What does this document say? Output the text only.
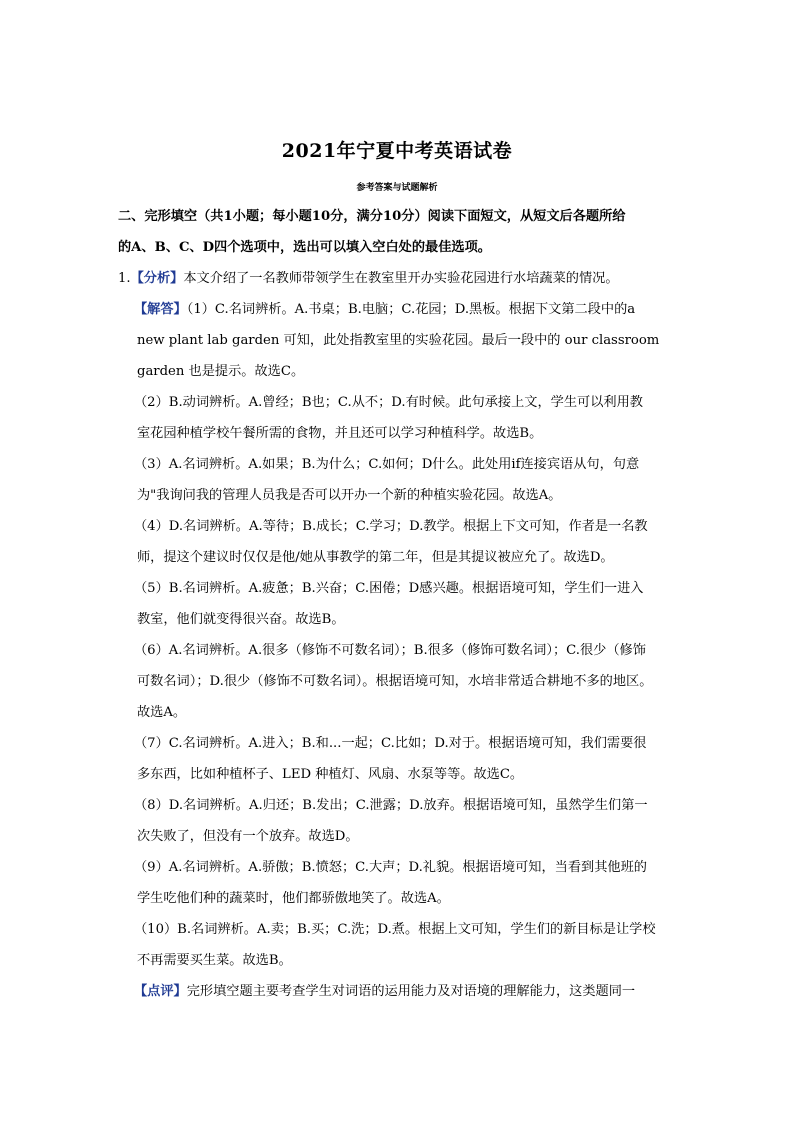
2021年宁夏中考英语试卷
参考答案与试题解析
二、完形填空（共1小题；每小题10分，满分10分）阅读下面短文，从短文后各题所给
的A、B、C、D四个选项中，选出可以填入空白处的最佳选项。
1.【分析】本文介绍了一名教师带领学生在教室里开办实验花园进行水培蔬菜的情况。
【解答】（1）C.名词辨析。A.书桌；B.电脑；C.花园；D.黑板。根据下文第二段中的a
new plant lab garden 可知，此处指教室里的实验花园。最后一段中的 our classroom
garden 也是提示。故选C。
（2）B.动词辨析。A.曾经；B也；C.从不；D.有时候。此句承接上文，学生可以利用教
室花园种植学校午餐所需的食物，并且还可以学习种植科学。故选B。
（3）A.名词辨析。A.如果；B.为什么；C.如何；D什么。此处用if连接宾语从句，句意
为"我询问我的管理人员我是否可以开办一个新的种植实验花园。故选A。
（4）D.名词辨析。A.等待；B.成长；C.学习；D.教学。根据上下文可知，作者是一名教
师，提这个建议时仅仅是他/她从事教学的第二年，但是其提议被应允了。故选D。
（5）B.名词辨析。A.疲惫；B.兴奋；C.困倦；D感兴趣。根据语境可知，学生们一进入
教室，他们就变得很兴奋。故选B。
（6）A.名词辨析。A.很多（修饰不可数名词）；B.很多（修饰可数名词）；C.很少（修饰
可数名词）；D.很少（修饰不可数名词）。根据语境可知，水培非常适合耕地不多的地区。
故选A。
（7）C.名词辨析。A.进入；B.和...一起；C.比如；D.对于。根据语境可知，我们需要很
多东西，比如种植杯子、LED 种植灯、风扇、水泵等等。故选C。
（8）D.名词辨析。A.归还；B.发出；C.泄露；D.放弃。根据语境可知，虽然学生们第一
次失败了，但没有一个放弃。故选D。
（9）A.名词辨析。A.骄傲；B.愤怒；C.大声；D.礼貌。根据语境可知，当看到其他班的
学生吃他们种的蔬菜时，他们都骄傲地笑了。故选A。
（10）B.名词辨析。A.卖；B.买；C.洗；D.煮。根据上文可知，学生们的新目标是让学校
不再需要买生菜。故选B。
【点评】完形填空题主要考查学生对词语的运用能力及对语境的理解能力，这类题同一
